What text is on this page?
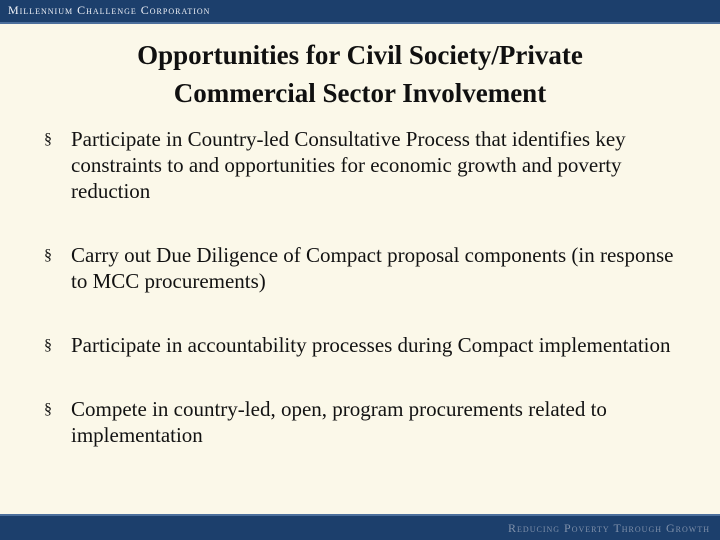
Millennium Challenge Corporation
Opportunities for Civil Society/Private
Commercial Sector Involvement
§ Participate in Country-led Consultative Process that identifies key constraints to and opportunities for economic growth and poverty reduction
§ Carry out Due Diligence of Compact proposal components (in response to MCC procurements)
§ Participate in accountability processes during Compact implementation
§ Compete in country-led, open, program procurements related to implementation
Reducing Poverty Through Growth
